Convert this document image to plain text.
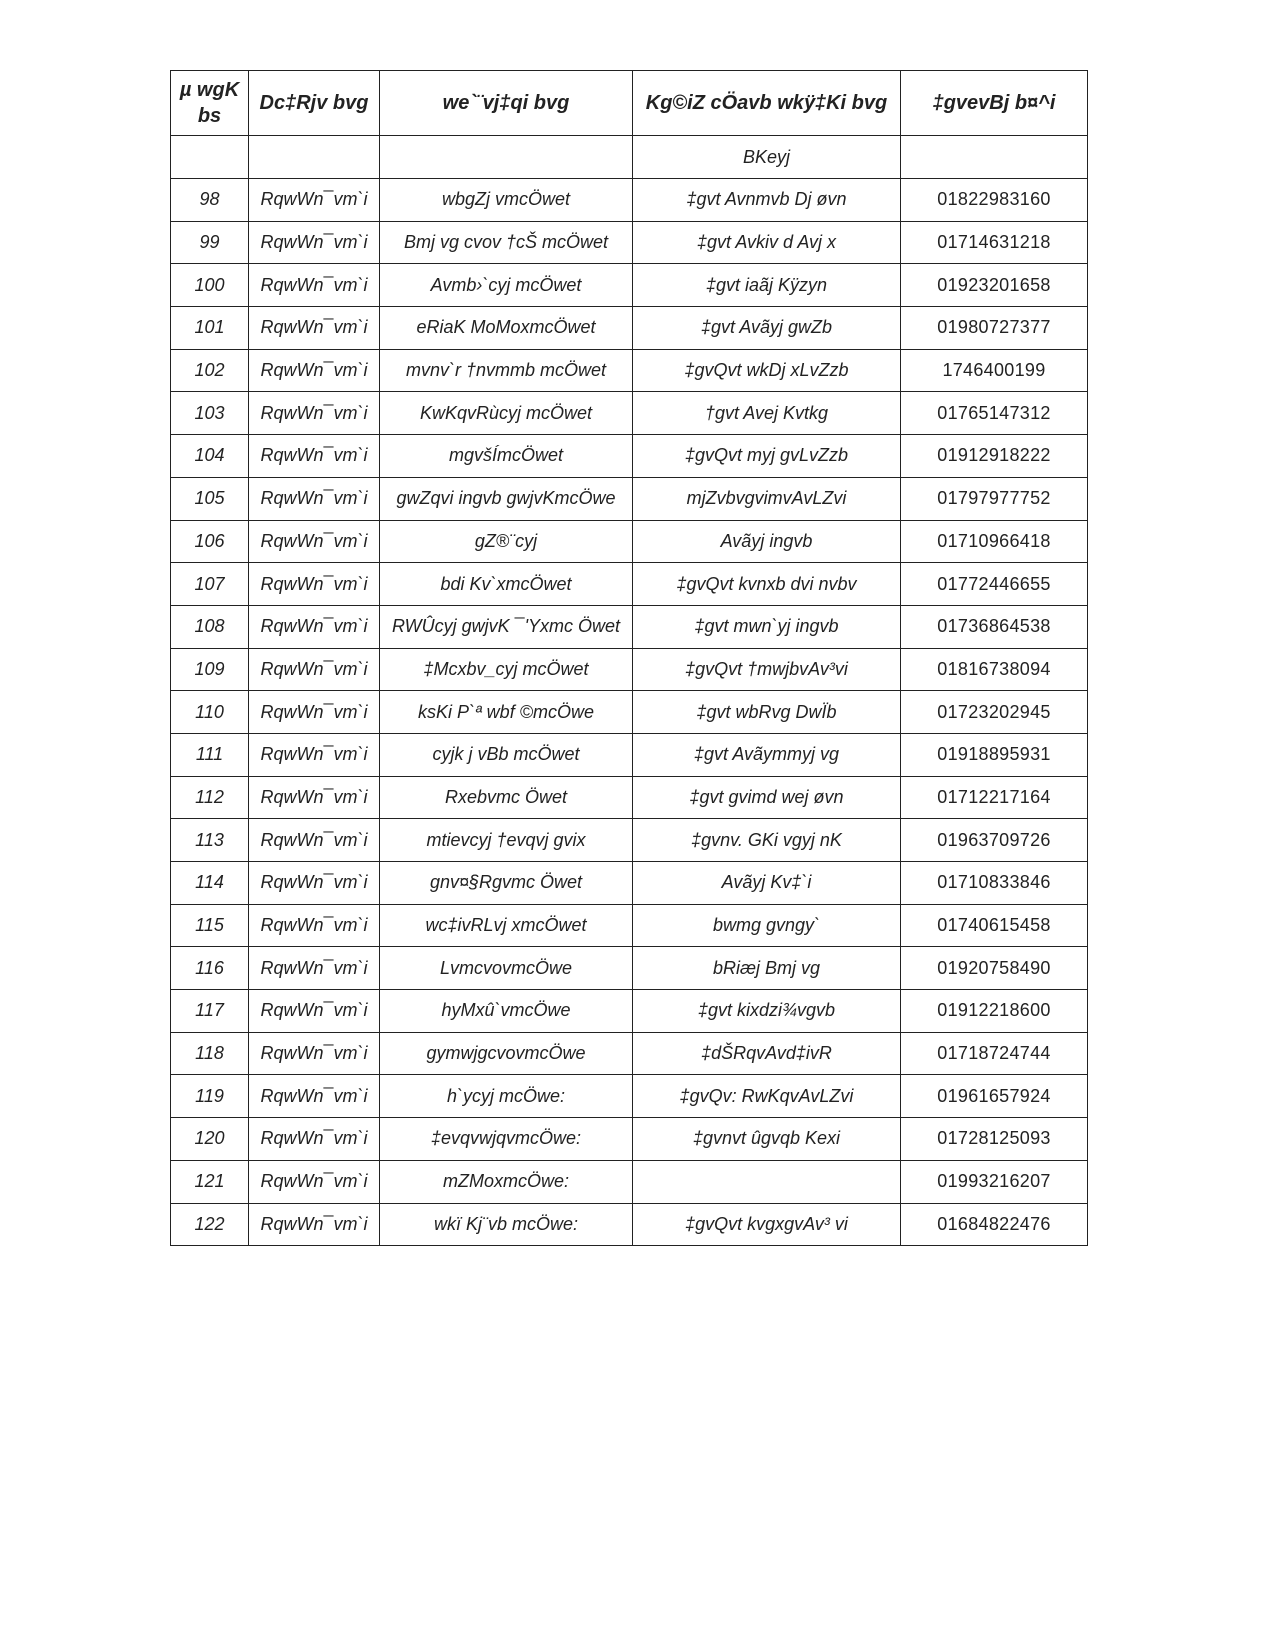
µ wgK bs	Dc‡Rjv bvg	we`¨vj‡qi bvg	Kg©iZ cÖavb wkÿ‡Ki bvg	‡gvevBj b¤^i
			BKeyj	
98	RqwWn¯vm`i	wbgZj vmcÖwet	‡gvt Avnmvb Dj øvn	01822983160
99	RqwWn¯vm`i	Bmj vg cvov †cŠ mcÖwet	‡gvt Avkiv d Avj x	01714631218
100	RqwWn¯vm`i	Avmb›`cyj mcÖwet	‡gvt iaãj Kÿzyn	01923201658
101	RqwWn¯vm`i	eRiaK MoMoxmcÖwet	‡gvt Avãyj gwZb	01980727377
102	RqwWn¯vm`i	mvnv`r †nvmmb mcÖwet	‡gvQvt wkDj xLvZzb	1746400199
103	RqwWn¯vm`i	KwKqvRùcyj mcÖwet	†gvt Avej Kvtkg	01765147312
104	RqwWn¯vm`i	mgvšÍmcÖwet	‡gvQvt myj gvLvZzb	01912918222
105	RqwWn¯vm`i	gwZqvi ingvb gwjvKmcÖwe	mjZvbvgvimvAvLZvi	01797977752
106	RqwWn¯vm`i	gZ®¨cyj	Avãyj ingvb	01710966418
107	RqwWn¯vm`i	bdi Kv`xmcÖwet	‡gvQvt kvnxb dvi nvbv	01772446655
108	RqwWn¯vm`i	RWÛcyj gwjvK ¯'Yxmc Öwet	‡gvt mwn`yj ingvb	01736864538
109	RqwWn¯vm`i	‡Mcxbv_cyj mcÖwet	‡gvQvt †mwjbvAv³vi	01816738094
110	RqwWn¯vm`i	ksKi P`ª wbf ©mcÖwe	‡gvt wbRvg DwÏb	01723202945
111	RqwWn¯vm`i	cyjk j vBb mcÖwet	‡gvt Avãymmyj vg	01918895931
112	RqwWn¯vm`i	Rxebvmc Öwet	‡gvt gvimd wej øvn	01712217164
113	RqwWn¯vm`i	mtievcyj †evqvj gvix	‡gvnv. GKi vgyj nK	01963709726
114	RqwWn¯vm`i	gnv¤§Rgvmc Öwet	Avãyj Kv‡`i	01710833846
115	RqwWn¯vm`i	wc‡ivRLvj xmcÖwet	bwmg gvngy`	01740615458
116	RqwWn¯vm`i	LvmcvovmcÖwe	bRiæj Bmj vg	01920758490
117	RqwWn¯vm`i	hyMxû`vmcÖwe	‡gvt kixdzi¾vgvb	01912218600
118	RqwWn¯vm`i	gymwjgcvovmcÖwe	‡dŠRqvAvd‡ivR	01718724744
119	RqwWn¯vm`i	h`ycyj mcÖwe:	‡gvQv: RwKqvAvLZvi	01961657924
120	RqwWn¯vm`i	‡evqvwjqvmcÖwe:	‡gvnvt ûgvqb Kexi	01728125093
121	RqwWn¯vm`i	mZMoxmcÖwe:		01993216207
122	RqwWn¯vm`i	wkï Kj¨vb mcÖwe:	‡gvQvt kvgxgvAv³ vi	01684822476
